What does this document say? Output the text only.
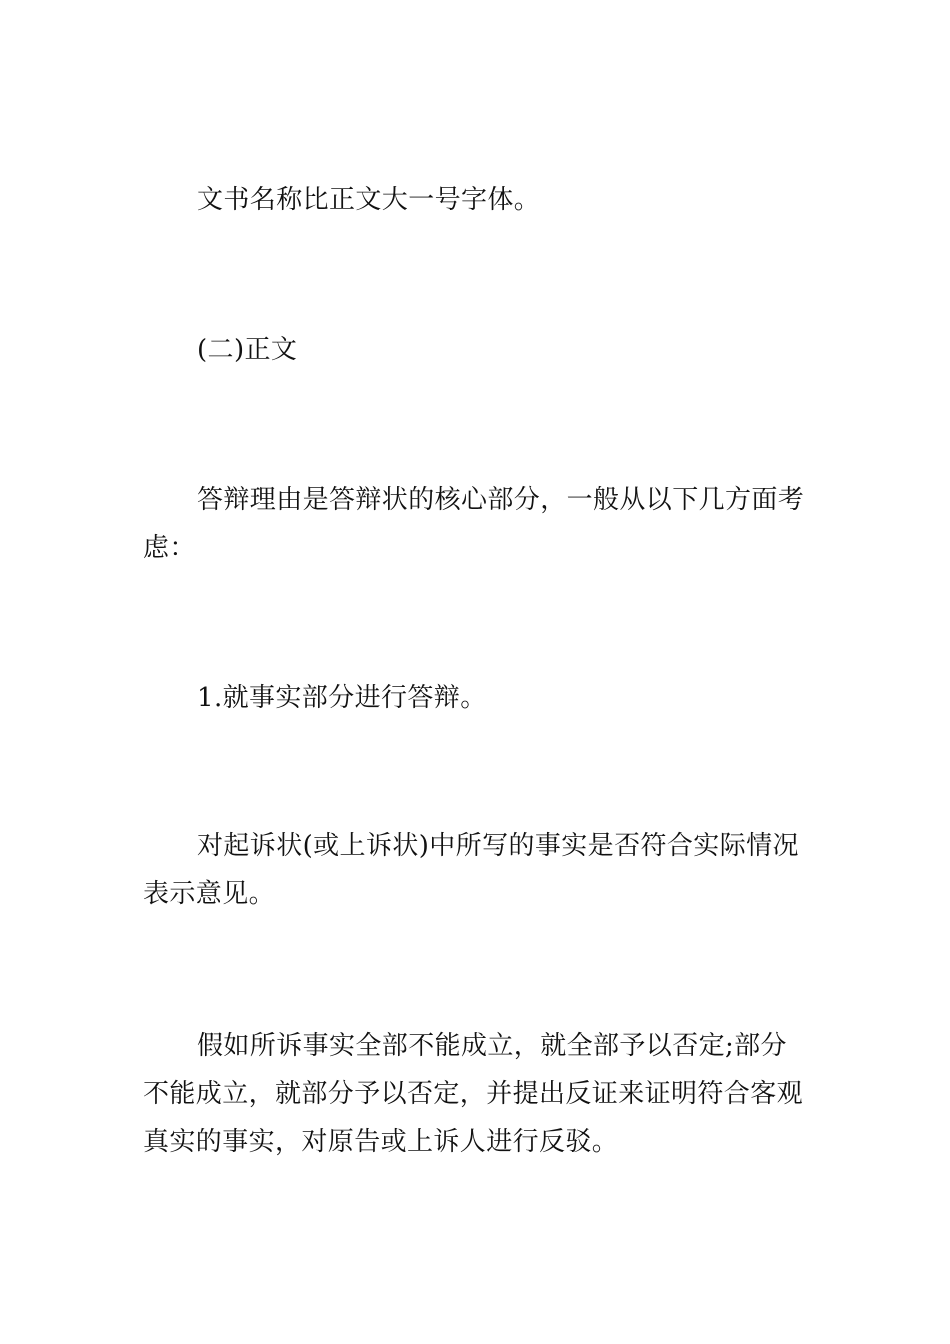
文书名称比正文大一号字体。

(二)正文

答辩理由是答辩状的核心部分，一般从以下几方面考虑：

1.就事实部分进行答辩。

对起诉状(或上诉状)中所写的事实是否符合实际情况表示意见。

假如所诉事实全部不能成立，就全部予以否定;部分不能成立，就部分予以否定，并提出反证来证明符合客观真实的事实，对原告或上诉人进行反驳。
